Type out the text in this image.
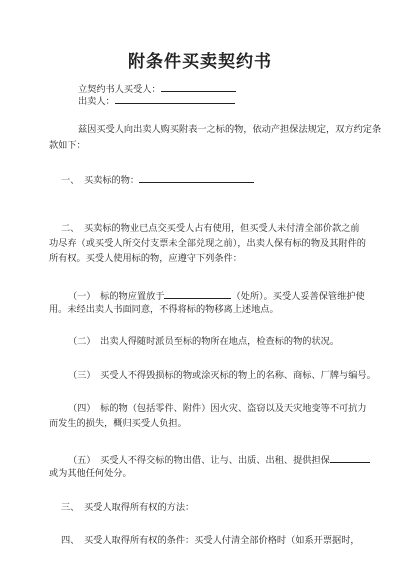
附条件买卖契约书
立契约书人买受人：
出卖人：
兹因买受人向出卖人购买附表一之标的物，依动产担保法规定，双方约定条
款如下：
一、　买卖标的物：
二、　买卖标的物业已点交买受人占有使用，但买受人未付清全部价款之前
功尽弃（或买受人所交付支票未全部兑现之前），出卖人保有标的物及其附件的
所有权。买受人使用标的物，应遵守下列条件：
（一）　标的物应置放于	（处所）。买受人妥善保管维护使
用。未经出卖人书面同意，不得将标的物移离上述地点。
（二）　出卖人得随时派员至标的物所在地点，检查标的物的状况。
（三）　买受人不得毁损标的物或涂灭标的物上的名称、商标、厂牌与编号。
（四）　标的物（包括零件、附件）因火灾、盗窃以及天灾地变等不可抗力
而发生的损失，概归买受人负担。
（五）　买受人不得交标的物出借、让与、出质、出租、提供担保
或为其他任何处分。
三、　买受人取得所有权的方法：
四、　买受人取得所有权的条件：买受人付清全部价格时（如系开票据时，
